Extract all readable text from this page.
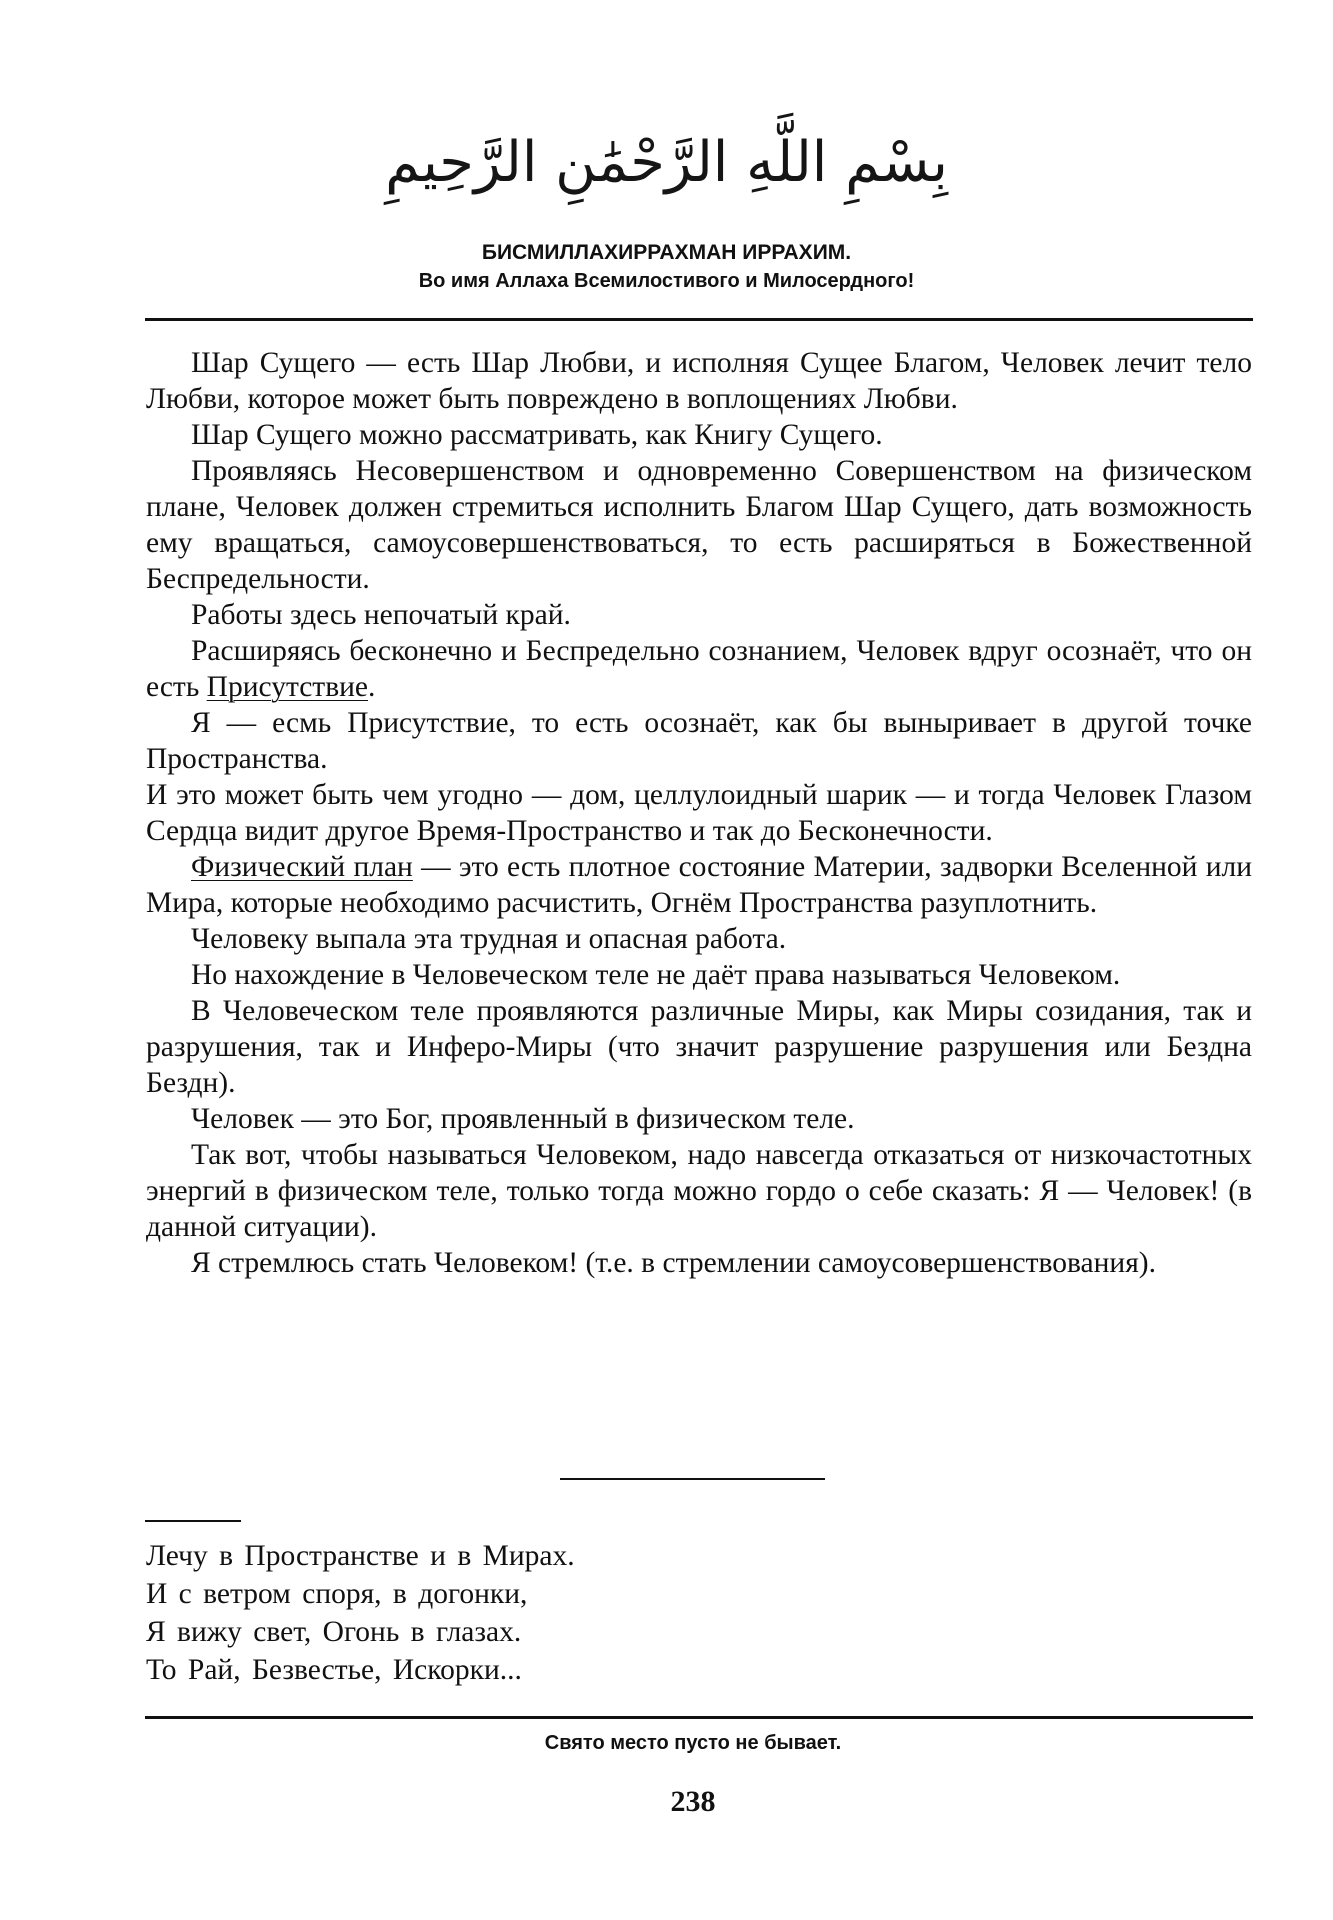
بِسْمِ اللَّهِ الرَّحْمَٰنِ الرَّحِيمِ
БИСМИЛЛАХИРРАХМАН ИРРАХИМ.
Во имя Аллаха Всемилостивого и Милосердного!

Шар Сущего — есть Шар Любви, и исполняя Сущее Благом, Человек лечит тело Любви, которое может быть повреждено в воплощениях Любви.

Шар Сущего можно рассматривать, как Книгу Сущего.

Проявляясь Несовершенством и одновременно Совершенством на физическом плане, Человек должен стремиться исполнить Благом Шар Сущего, дать возможность ему вращаться, самоусовершенствоваться, то есть расширяться в Божественной Беспредельности.

Работы здесь непочатый край.

Расширяясь бесконечно и Беспредельно сознанием, Человек вдруг осознаёт, что он есть Присутствие.

Я — есмь Присутствие, то есть осознаёт, как бы выныривает в другой точке Пространства.

И это может быть чем угодно — дом, целлулоидный шарик — и тогда Человек Глазом Сердца видит другое Время-Пространство и так до Бесконечности.

Физический план — это есть плотное состояние Материи, задворки Вселенной или Мира, которые необходимо расчистить, Огнём Пространства разуплотнить.

Человеку выпала эта трудная и опасная работа.

Но нахождение в Человеческом теле не даёт права называться Человеком.

В Человеческом теле проявляются различные Миры, как Миры созидания, так и разрушения, так и Инферо-Миры (что значит разрушение разрушения или Бездна Бездн).

Человек — это Бог, проявленный в физическом теле.

Так вот, чтобы называться Человеком, надо навсегда отказаться от низкочастотных энергий в физическом теле, только тогда можно гордо о себе сказать: Я — Человек! (в данной ситуации).

Я стремлюсь стать Человеком! (т.е. в стремлении самоусовершенствования).

Лечу в Пространстве и в Мирах.
И с ветром споря, в догонки,
Я вижу свет, Огонь в глазах.
То Рай, Безвестье, Искорки...
Свято место пусто не бывает.
238
